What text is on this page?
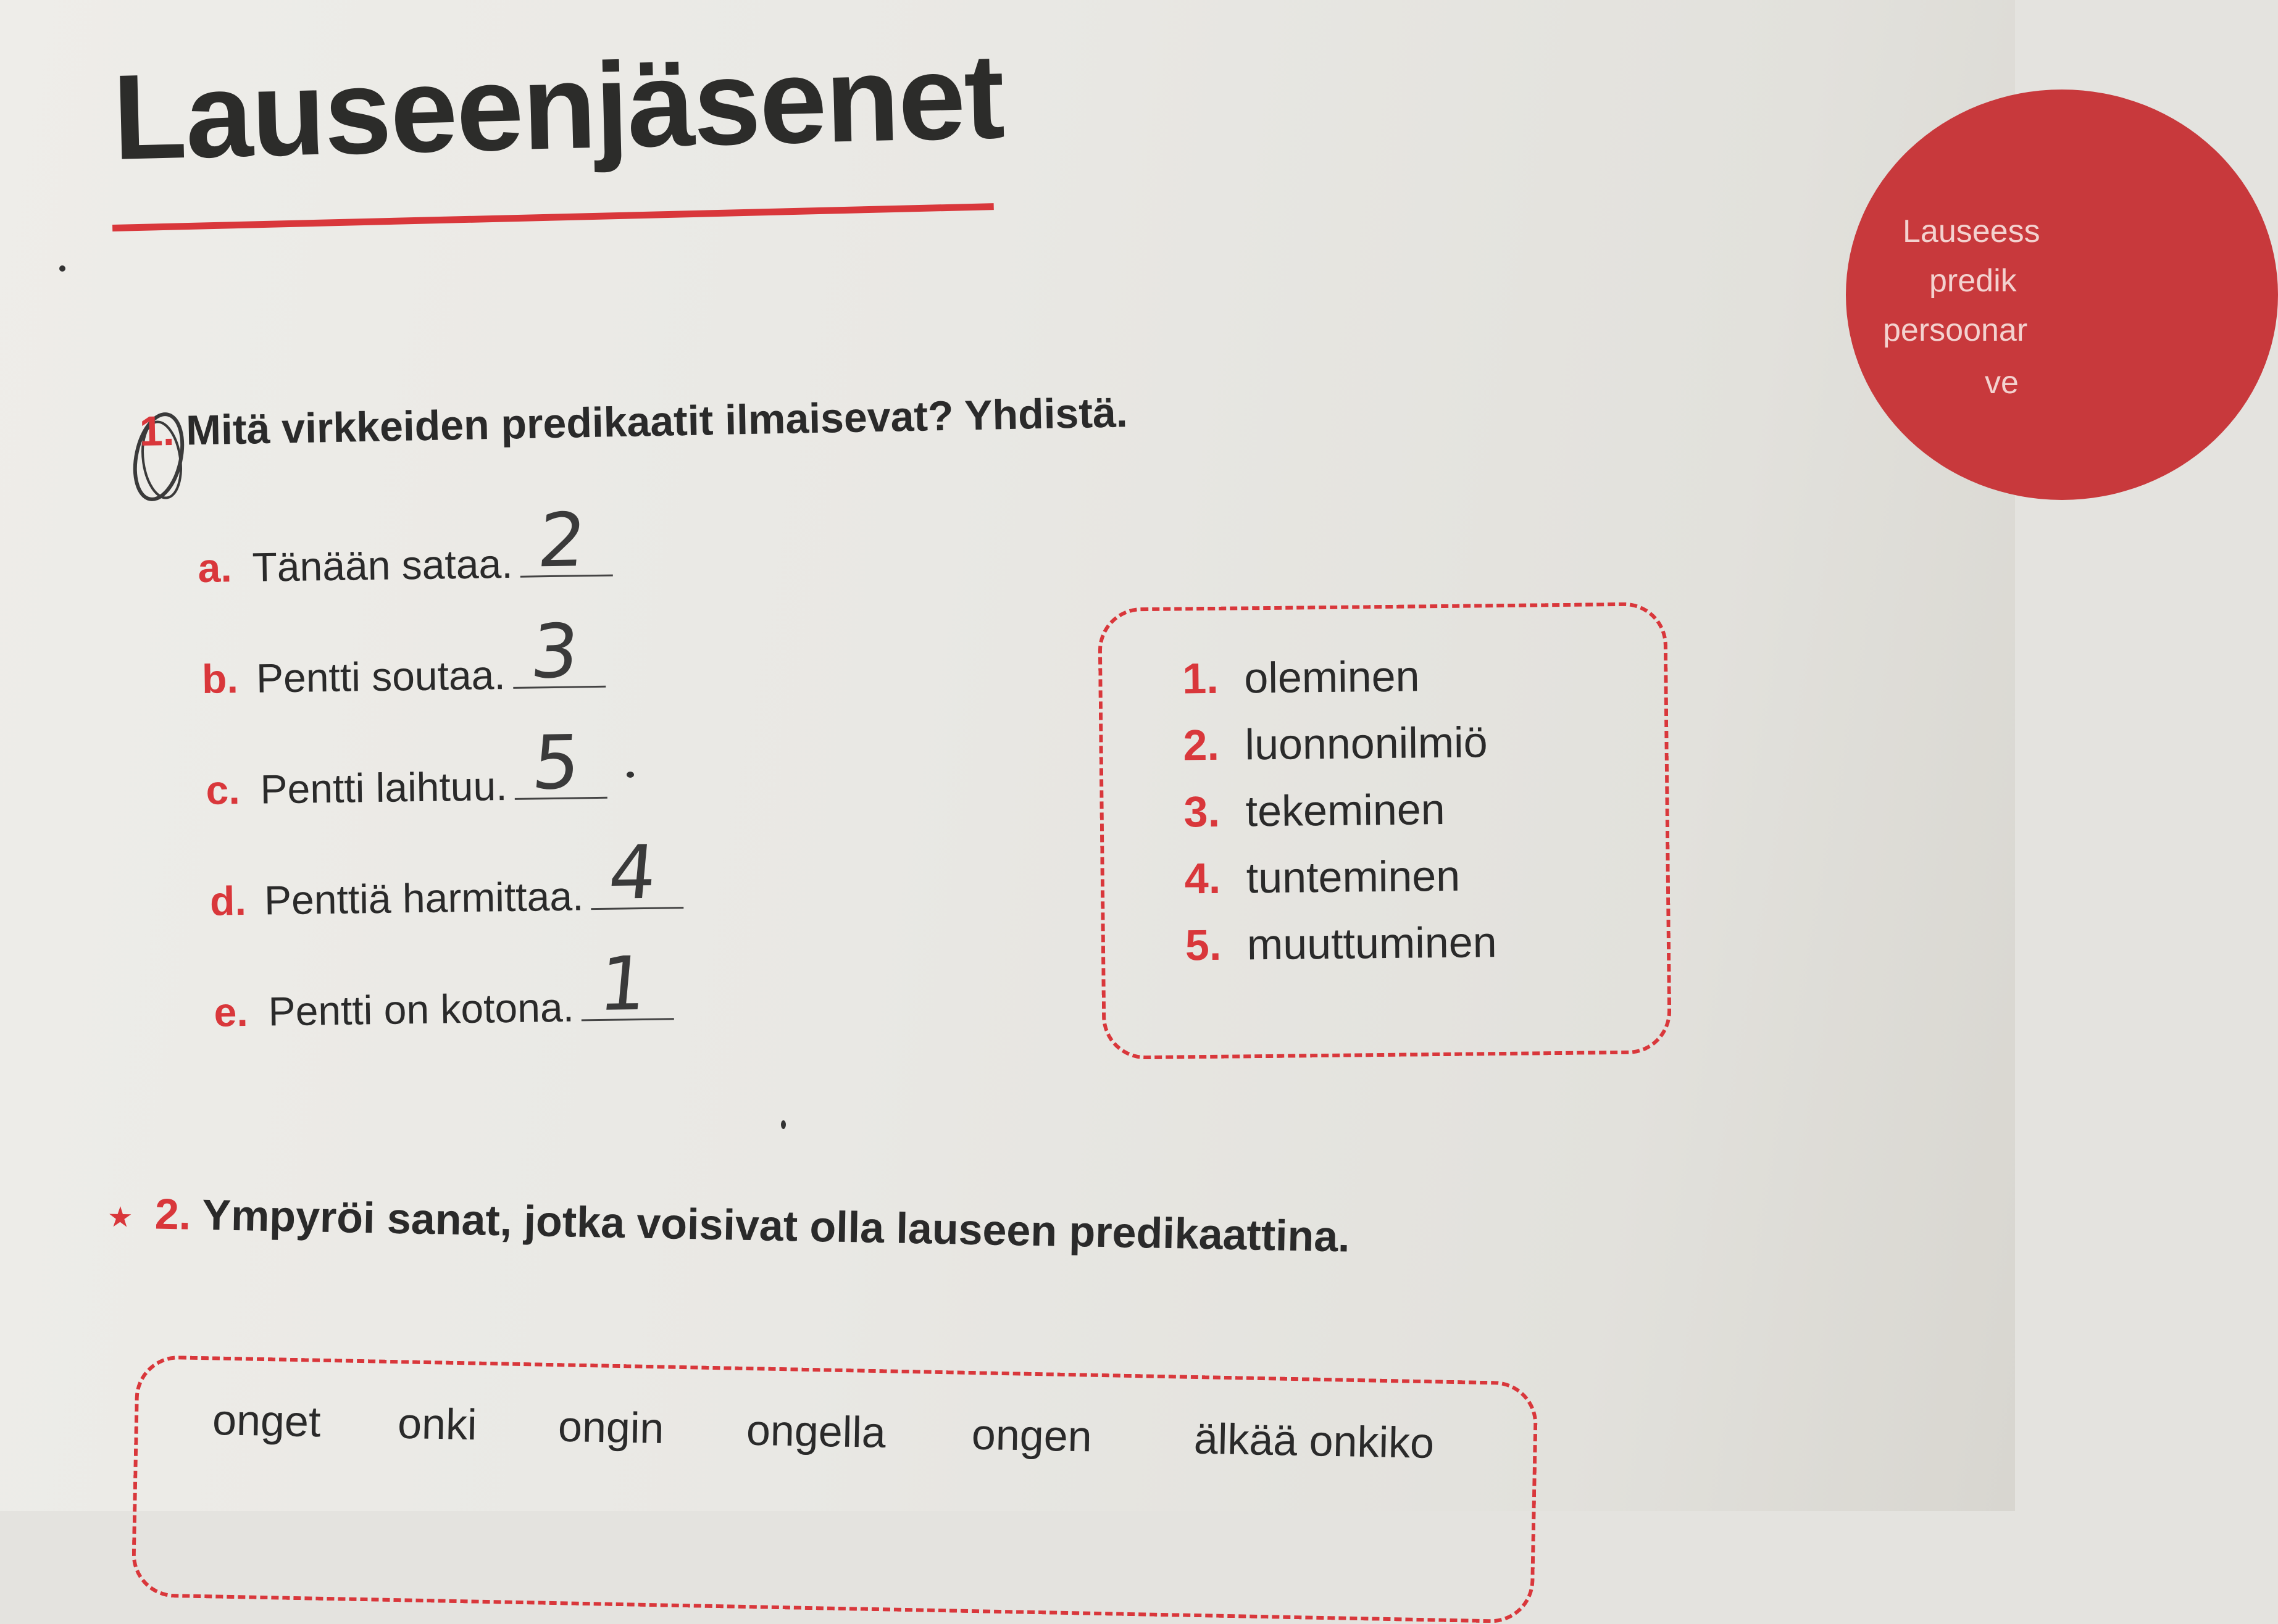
Lauseenjäsenet
Lauseess
predik
persoonar
ve

1. Mitä virkkeiden predikaatit ilmaisevat? Yhdistä.

a. Tänään sataa. 2
b. Pentti soutaa. 3
c. Pentti laihtuu. 5
d. Penttiä harmittaa. 4
e. Pentti on kotona. 1
1. oleminen
2. luonnonilmiö
3. tekeminen
4. tunteminen
5. muuttuminen

★ 2. Ympyröi sanat, jotka voisivat olla lauseen predikaattina.

onget onki ongin ongella ongen älkää onkiko
